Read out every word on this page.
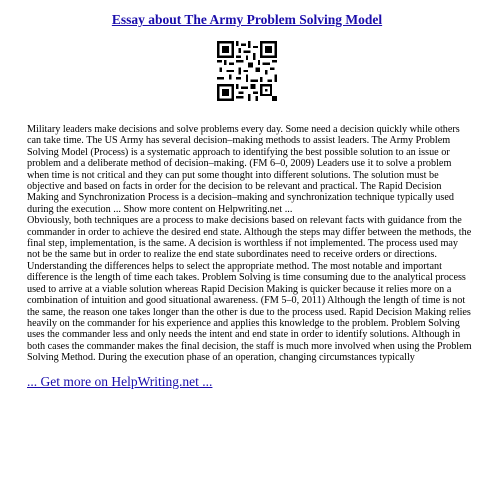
Essay about The Army Problem Solving Model

Military leaders make decisions and solve problems every day. Some need a decision quickly while others can take time. The US Army has several decision–making methods to assist leaders. The Army Problem Solving Model (Process) is a systematic approach to identifying the best possible solution to an issue or problem and a deliberate method of decision–making. (FM 6–0, 2009) Leaders use it to solve a problem when time is not critical and they can put some thought into different solutions. The solution must be objective and based on facts in order for the decision to be relevant and practical. The Rapid Decision Making and Synchronization Process is a decision–making and synchronization technique typically used during the execution ... Show more content on Helpwriting.net ...
Obviously, both techniques are a process to make decisions based on relevant facts with guidance from the commander in order to achieve the desired end state. Although the steps may differ between the methods, the final step, implementation, is the same. A decision is worthless if not implemented. The process used may not be the same but in order to realize the end state subordinates need to receive orders or directions. Understanding the differences helps to select the appropriate method. The most notable and important difference is the length of time each takes. Problem Solving is time consuming due to the analytical process used to arrive at a viable solution whereas Rapid Decision Making is quicker because it relies more on a combination of intuition and good situational awareness. (FM 5–0, 2011) Although the length of time is not the same, the reason one takes longer than the other is due to the process used. Rapid Decision Making relies heavily on the commander for his experience and applies this knowledge to the problem. Problem Solving uses the commander less and only needs the intent and end state in order to identify solutions. Although in both cases the commander makes the final decision, the staff is much more involved when using the Problem Solving Method. During the execution phase of an operation, changing circumstances typically

... Get more on HelpWriting.net ...
